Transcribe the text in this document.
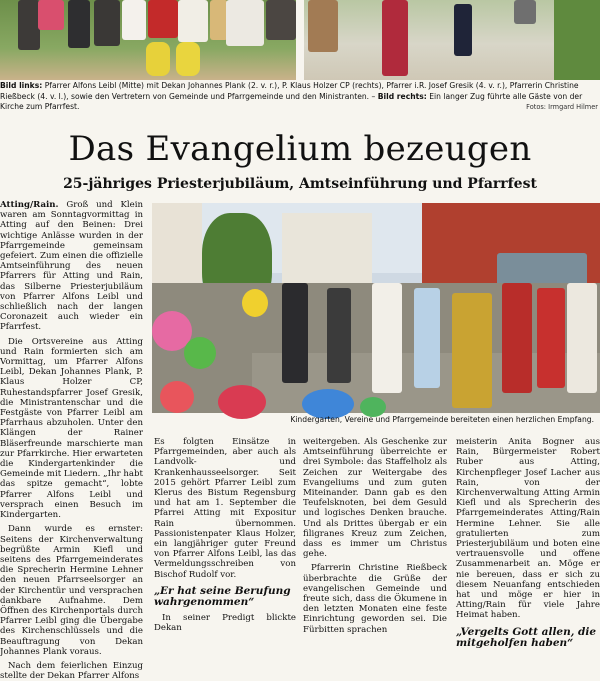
Bild links: Pfarrer Alfons Leibl (Mitte) mit Dekan Johannes Plank (2. v. r.), P. Klaus Holzer CP (rechts), Pfarrer i.R. Josef Gresik (4. v. r.), Pfarrerin Christine Rießbeck (4. v. l.), sowie den Vertretern von Gemeinde und Pfarrgemeinde und den Ministranten. – Bild rechts: Ein langer Zug führte alle Gäste von der Kirche zum Pfarrfest.	Fotos: Irmgard Hilmer
Das Evangelium bezeugen
25-jähriges Priesterjubiläum, Amtseinführung und Pfarrfest

Atting/Rain. Groß und Klein waren am Sonntagvormittag in Atting auf den Beinen: Drei wichtige Anlässe wurden in der Pfarrgemeinde gemeinsam gefeiert. Zum einen die offizielle Amtseinführung des neuen Pfarrers für Atting und Rain, das Silberne Priesterjubiläum von Pfarrer Alfons Leibl und schließlich nach der langen Coronazeit auch wieder ein Pfarrfest.

Die Ortsvereine aus Atting und Rain formierten sich am Vormittag, um Pfarrer Alfons Leibl, Dekan Johannes Plank, P. Klaus Holzer CP, Ruhestandspfarrer Josef Gresik, die Ministrantenschar und die Festgäste von Pfarrer Leibl am Pfarrhaus abzuholen. Unter den Klängen der Rainer Bläserfreunde marschierte man zur Pfarrkirche. Hier erwarteten die Kindergartenkinder die Gemeinde mit Liedern. „Ihr habt das spitze gemacht“, lobte Pfarrer Alfons Leibl und versprach einen Besuch im Kindergarten.

Dann wurde es ernster: Seitens der Kirchenverwaltung begrüßte Armin Kiefl und seitens des Pfarrgemeinderates die Sprecherin Hermine Lehner den neuen Pfarrseelsorger an der Kirchentür und versprachen dankbare Aufnahme. Dem Öffnen des Kirchenportals durch Pfarrer Leibl ging die Übergabe des Kirchenschlüssels und die Beauftragung von Dekan Johannes Plank voraus.

Nach dem feierlichen Einzug stellte der Dekan Pfarrer Alfons

Kindergarten, Vereine und Pfarrgemeinde bereiteten einen herzlichen Empfang.

Es folgten Einsätze in Pfarrgemeinden, aber auch als Landvolk- und Krankenhausseelsorger. Seit 2015 gehört Pfarrer Leibl zum Klerus des Bistum Regensburg und hat am 1. September die Pfarrei Atting mit Expositur Rain übernommen. Passionistenpater Klaus Holzer, ein langjähriger guter Freund von Pfarrer Alfons Leibl, las das Vermeldungsschreiben von Bischof Rudolf vor.

„Er hat seine Berufung wahrgenommen“

In seiner Predigt blickte Dekan

weitergeben. Als Geschenke zur Amtseinführung überreichte er drei Symbole: das Staffelholz als Zeichen zur Weitergabe des Evangeliums und zum guten Miteinander. Dann gab es den Teufelsknoten, bei dem Gesuld und logisches Denken brauche. Und als Drittes übergab er ein filigranes Kreuz zum Zeichen, dass es immer um Christus gehe.

Pfarrerin Christine Rießbeck überbrachte die Grüße der evangelischen Gemeinde und freute sich, dass die Ökumene in den letzten Monaten eine feste Einrichtung geworden sei. Die Fürbitten sprachen

meisterin Anita Bogner aus Rain, Bürgermeister Robert Ruber aus Atting, Kirchenpfleger Josef Lacher aus Rain, von der Kirchenverwaltung Atting Armin Kiefl und als Sprecherin des Pfarrgemeinderates Atting/Rain Hermine Lehner. Sie alle gratulierten zum Priesterjubiläum und boten eine vertrauensvolle und offene Zusammenarbeit an. Möge er nie bereuen, dass er sich zu diesem Neuanfang entschieden hat und möge er hier in Atting/Rain für viele Jahre Heimat haben.

„Vergelts Gott allen, die mitgeholfen haben“
